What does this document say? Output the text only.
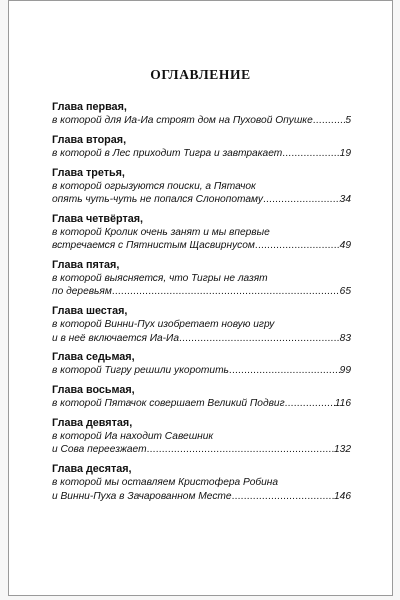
ОГЛАВЛЕНИЕ
Глава первая,
в которой для Иа-Иа строят дом на Пуховой Опушке .....	5
Глава вторая,
в которой в Лес приходит Тигра и завтракает .....	19
Глава третья,
в которой огрызуются поиски, а Пятачок
опять чуть-чуть не попался Слонопотаму .....	34
Глава четвёртая,
в которой Кролик очень занят и мы впервые
встречаемся с Пятнистым Щасвирнусом .....	49
Глава пятая,
в которой выясняется, что Тигры не лазят
по деревьям .....	65
Глава шестая,
в которой Винни-Пух изобретает новую игру
и в неё включается Иа-Иа .....	83
Глава седьмая,
в которой Тигру решили укоротить .....	99
Глава восьмая,
в которой Пятачок совершает Великий Подвиг .....	116
Глава девятая,
в которой Иа находит Савешник
и Сова переезжает .....	132
Глава десятая,
в которой мы оставляем Кристофера Робина
и Винни-Пуха в Зачарованном Месте .....	146
